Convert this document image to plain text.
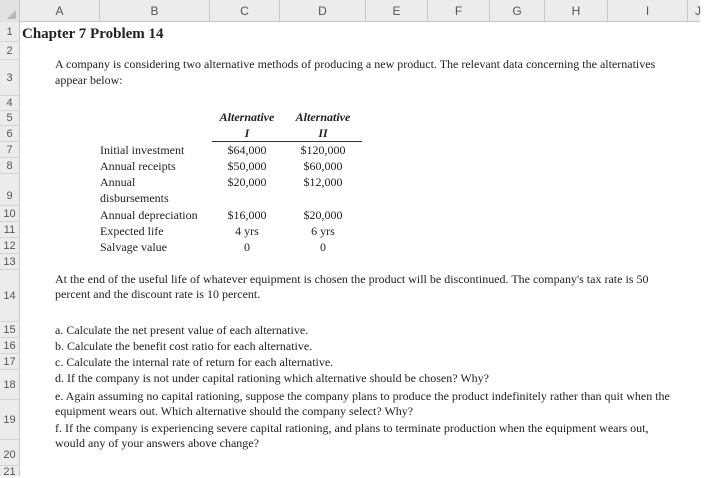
A	B	C	D	E	F	G	H	I	J
1
2
3
4
5
6
7
8
9
10
11
12
13
14
15
16
17
18
19
20
21
Chapter 7 Problem 14
A company is considering two alternative methods of producing a new product. The relevant data concerning the alternatives appear below:
Alternative
I
Alternative
II
Initial investment	$64,000	$120,000
Annual receipts	$50,000	$60,000
Annual	$20,000	$12,000
disbursements
Annual depreciation	$16,000	$20,000
Expected life	4 yrs	6 yrs
Salvage value	0	0
At the end of the useful life of whatever equipment is chosen the product will be discontinued. The company's tax rate is 50 percent and the discount rate is 10 percent.
a. Calculate the net present value of each alternative.
b. Calculate the benefit cost ratio for each alternative.
c. Calculate the internal rate of return for each alternative.
d. If the company is not under capital rationing which alternative should be chosen? Why?
e. Again assuming no capital rationing, suppose the company plans to produce the product indefinitely rather than quit when the equipment wears out. Which alternative should the company select? Why?
f. If the company is experiencing severe capital rationing, and plans to terminate production when the equipment wears out, would any of your answers above change?
